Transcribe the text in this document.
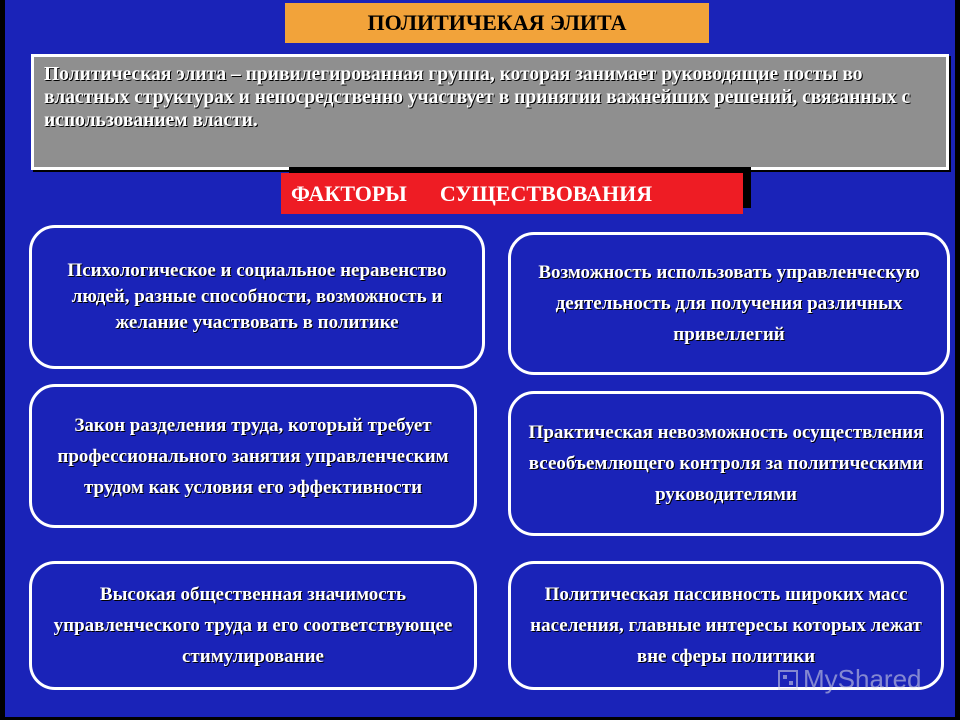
ПОЛИТИЧЕКАЯ ЭЛИТА
Политическая элита – привилегированная группа, которая занимает руководящие посты во властных структурах и непосредственно участвует в принятии важнейших решений, связанных с использованием власти.
ФАКТОРЫ      СУЩЕСТВОВАНИЯ
Психологическое и социальное неравенство людей, разные способности, возможность и желание участвовать в политике
Возможность использовать управленческую деятельность для получения различных привеллегий
Закон разделения труда, который требует профессионального занятия управленческим трудом как условия его эффективности
Практическая невозможность осуществления всеобъемлющего контроля за политическими руководителями
Высокая общественная значимость управленческого труда и его соответствующее стимулирование
Политическая пассивность широких масс населения, главные интересы которых лежат вне сферы политики
MyShared
